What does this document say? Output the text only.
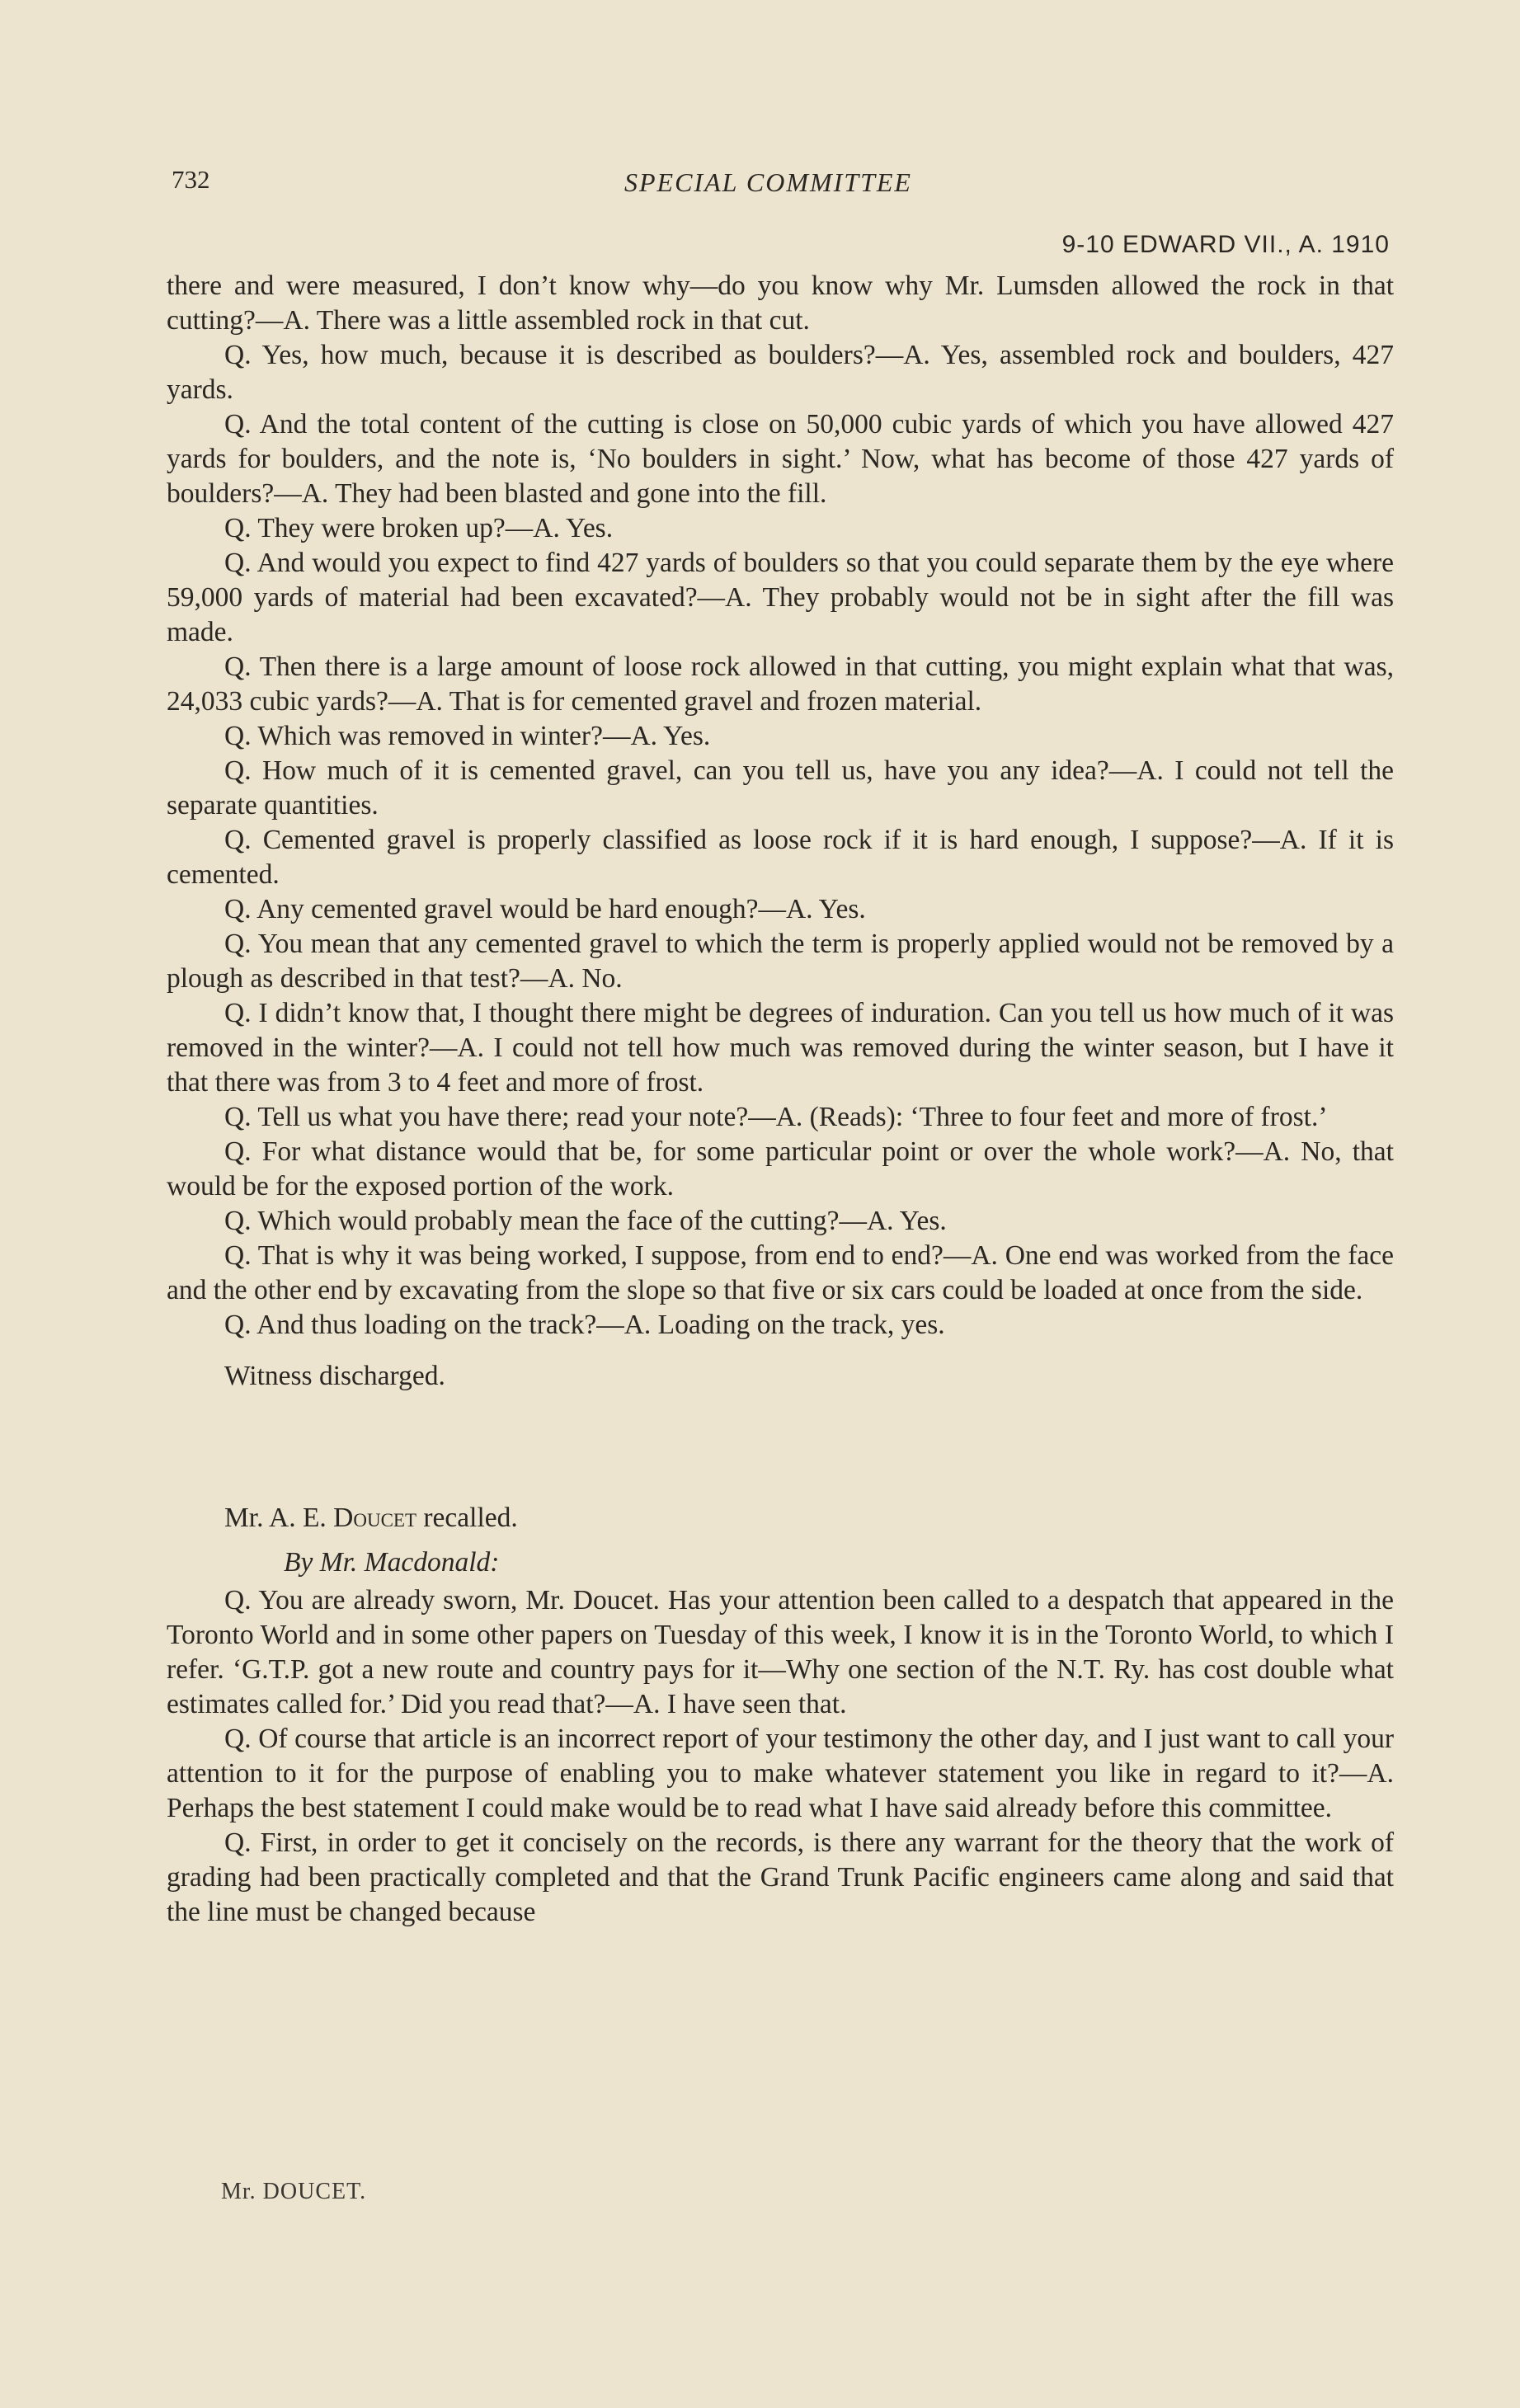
732	SPECIAL COMMITTEE
9-10 EDWARD VII., A. 1910

there and were measured, I don’t know why—do you know why Mr. Lumsden allowed the rock in that cutting?—A. There was a little assembled rock in that cut.

Q. Yes, how much, because it is described as boulders?—A. Yes, assembled rock and boulders, 427 yards.

Q. And the total content of the cutting is close on 50,000 cubic yards of which you have allowed 427 yards for boulders, and the note is, ‘No boulders in sight.’ Now, what has become of those 427 yards of boulders?—A. They had been blasted and gone into the fill.

Q. They were broken up?—A. Yes.

Q. And would you expect to find 427 yards of boulders so that you could separate them by the eye where 59,000 yards of material had been excavated?—A. They probably would not be in sight after the fill was made.

Q. Then there is a large amount of loose rock allowed in that cutting, you might explain what that was, 24,033 cubic yards?—A. That is for cemented gravel and frozen material.

Q. Which was removed in winter?—A. Yes.

Q. How much of it is cemented gravel, can you tell us, have you any idea?—A. I could not tell the separate quantities.

Q. Cemented gravel is properly classified as loose rock if it is hard enough, I suppose?—A. If it is cemented.

Q. Any cemented gravel would be hard enough?—A. Yes.

Q. You mean that any cemented gravel to which the term is properly applied would not be removed by a plough as described in that test?—A. No.

Q. I didn’t know that, I thought there might be degrees of induration. Can you tell us how much of it was removed in the winter?—A. I could not tell how much was removed during the winter season, but I have it that there was from 3 to 4 feet and more of frost.

Q. Tell us what you have there; read your note?—A. (Reads): ‘Three to four feet and more of frost.’

Q. For what distance would that be, for some particular point or over the whole work?—A. No, that would be for the exposed portion of the work.

Q. Which would probably mean the face of the cutting?—A. Yes.

Q. That is why it was being worked, I suppose, from end to end?—A. One end was worked from the face and the other end by excavating from the slope so that five or six cars could be loaded at once from the side.

Q. And thus loading on the track?—A. Loading on the track, yes.

Witness discharged.

Mr. A. E. Doucet recalled.

By Mr. Macdonald:

Q. You are already sworn, Mr. Doucet. Has your attention been called to a despatch that appeared in the Toronto World and in some other papers on Tuesday of this week, I know it is in the Toronto World, to which I refer. ‘G.T.P. got a new route and country pays for it—Why one section of the N.T. Ry. has cost double what estimates called for.’ Did you read that?—A. I have seen that.

Q. Of course that article is an incorrect report of your testimony the other day, and I just want to call your attention to it for the purpose of enabling you to make whatever statement you like in regard to it?—A. Perhaps the best statement I could make would be to read what I have said already before this committee.

Q. First, in order to get it concisely on the records, is there any warrant for the theory that the work of grading had been practically completed and that the Grand Trunk Pacific engineers came along and said that the line must be changed because

Mr. DOUCET.
